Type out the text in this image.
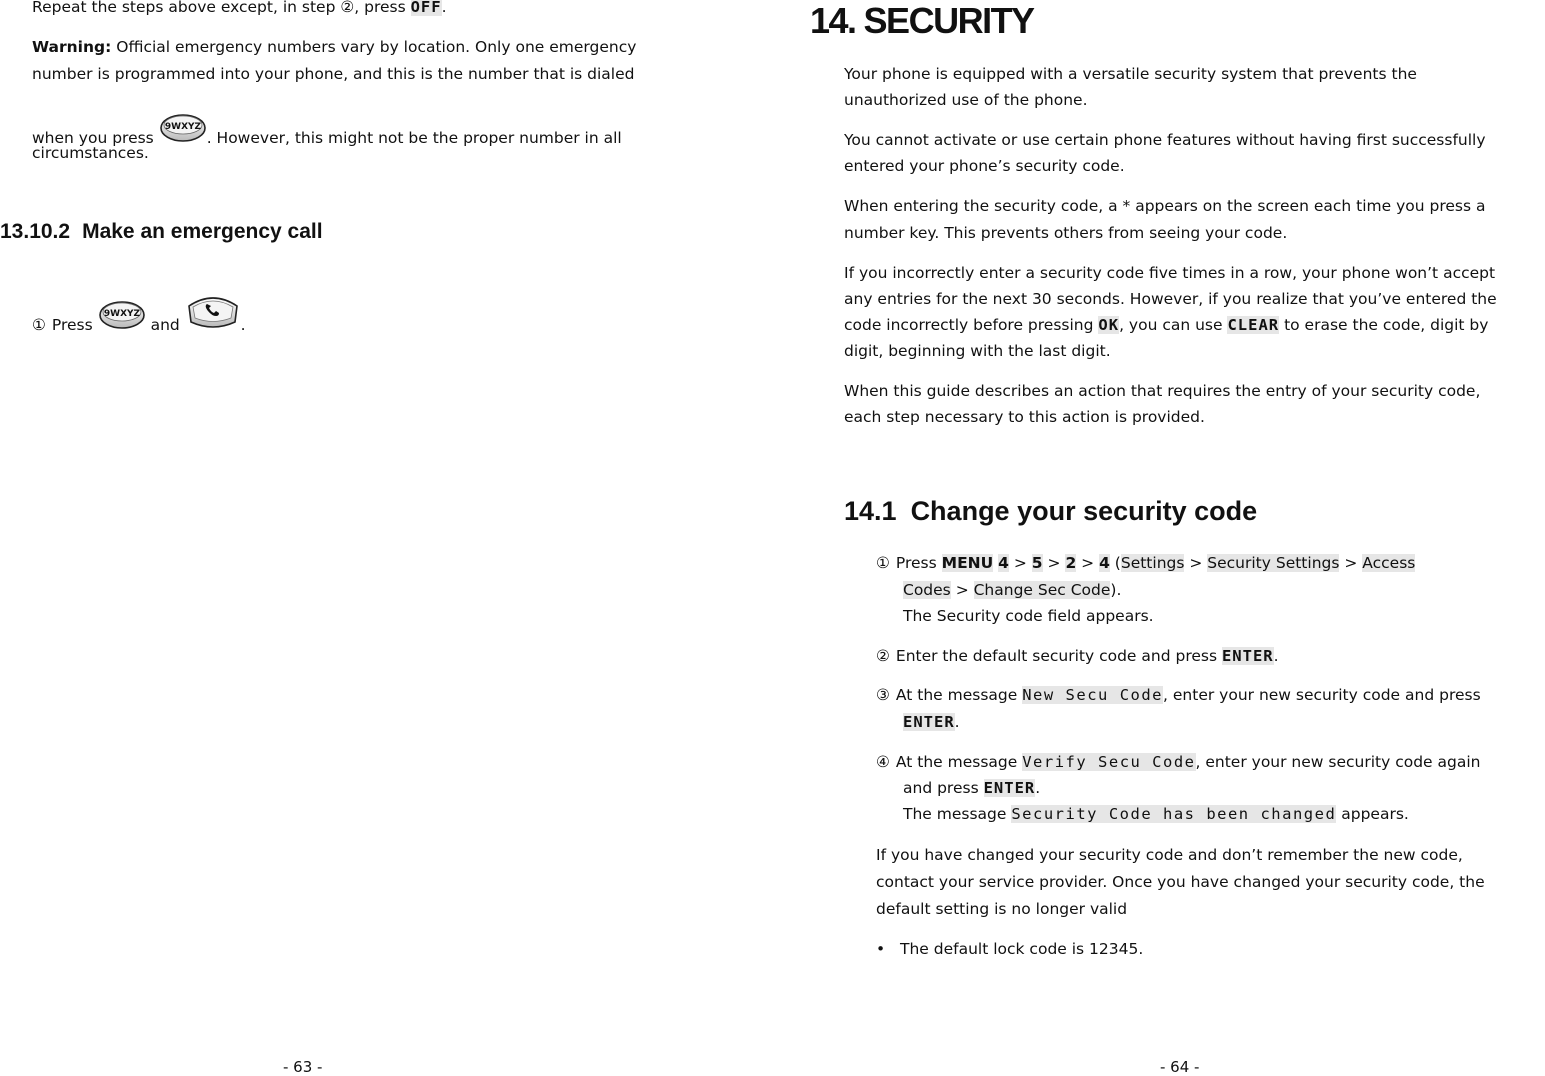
Repeat the steps above except, in step ②, press OFF.

Warning: Official emergency numbers vary by location. Only one emergency

number is programmed into your phone, and this is the number that is dialed

when you press
9WXYZ
. However, this might not be the proper number in all

circumstances.

13.10.2 Make an emergency call

① Press
9WXYZ
and	.

- 63 -
14. SECURITY

Your phone is equipped with a versatile security system that prevents the

unauthorized use of the phone.

You cannot activate or use certain phone features without having first successfully

entered your phone’s security code.

When entering the security code, a * appears on the screen each time you press a

number key. This prevents others from seeing your code.

If you incorrectly enter a security code five times in a row, your phone won’t accept

any entries for the next 30 seconds. However, if you realize that you’ve entered the

code incorrectly before pressing OK, you can use CLEAR to erase the code, digit by

digit, beginning with the last digit.

When this guide describes an action that requires the entry of your security code,

each step necessary to this action is provided.

14.1 Change your security code

① Press MENU 4 > 5 > 2 > 4 (Settings > Security Settings > Access

Codes > Change Sec Code).

The Security code field appears.

② Enter the default security code and press ENTER.

③ At the message New Secu Code, enter your new security code and press

ENTER.

④ At the message Verify Secu Code, enter your new security code again

and press ENTER.

The message Security Code has been changed appears.

If you have changed your security code and don’t remember the new code,

contact your service provider. Once you have changed your security code, the

default setting is no longer valid

• The default lock code is 12345.

- 64 -
